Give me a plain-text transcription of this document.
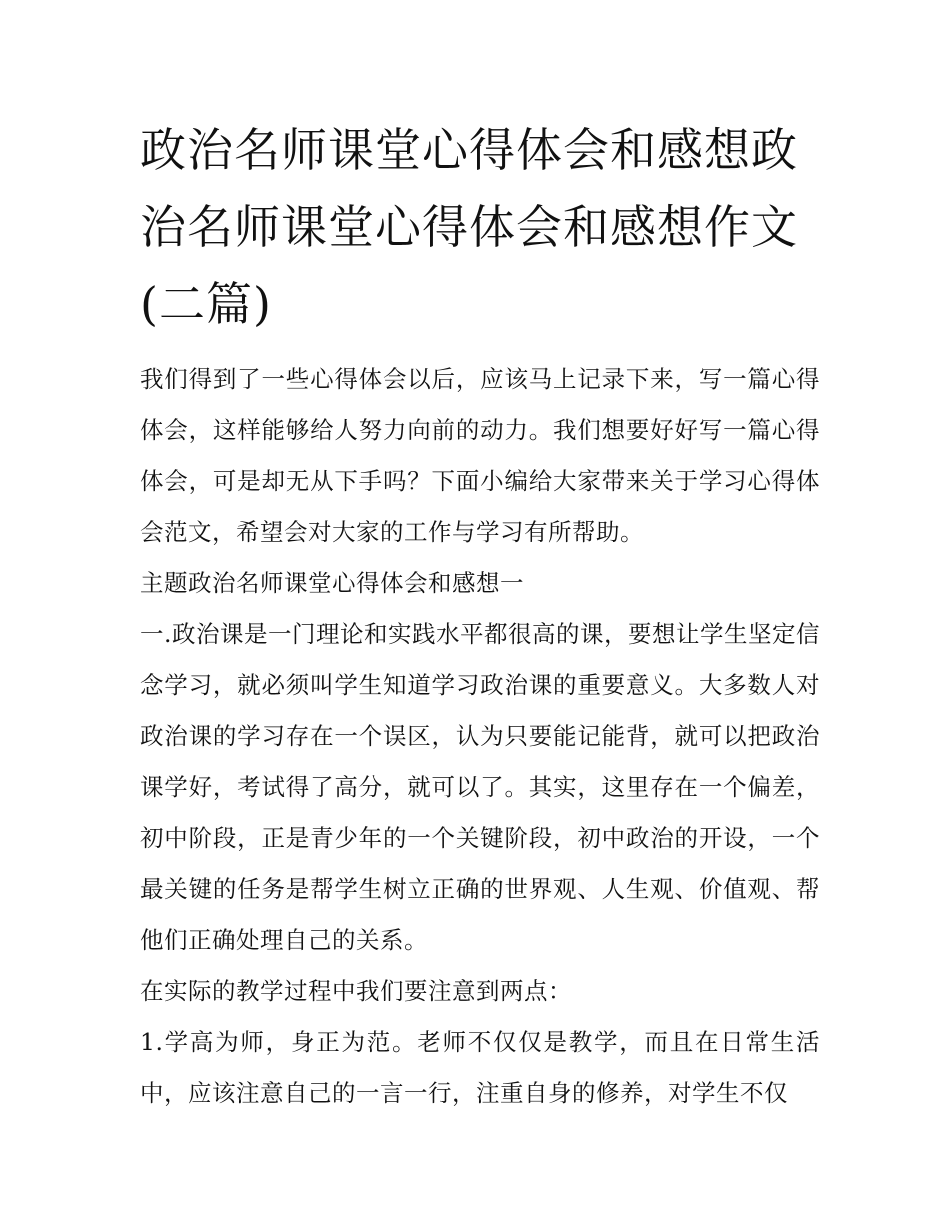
政治名师课堂心得体会和感想政治名师课堂心得体会和感想作文(二篇)

我们得到了一些心得体会以后，应该马上记录下来，写一篇心得体会，这样能够给人努力向前的动力。我们想要好好写一篇心得体会，可是却无从下手吗？下面小编给大家带来关于学习心得体会范文，希望会对大家的工作与学习有所帮助。

主题政治名师课堂心得体会和感想一

一.政治课是一门理论和实践水平都很高的课，要想让学生坚定信念学习，就必须叫学生知道学习政治课的重要意义。大多数人对政治课的学习存在一个误区，认为只要能记能背，就可以把政治课学好，考试得了高分，就可以了。其实，这里存在一个偏差，初中阶段，正是青少年的一个关键阶段，初中政治的开设，一个最关键的任务是帮学生树立正确的世界观、人生观、价值观、帮他们正确处理自己的关系。

在实际的教学过程中我们要注意到两点：

1.学高为师，身正为范。老师不仅仅是教学，而且在日常生活中，应该注意自己的一言一行，注重自身的修养，对学生不仅
